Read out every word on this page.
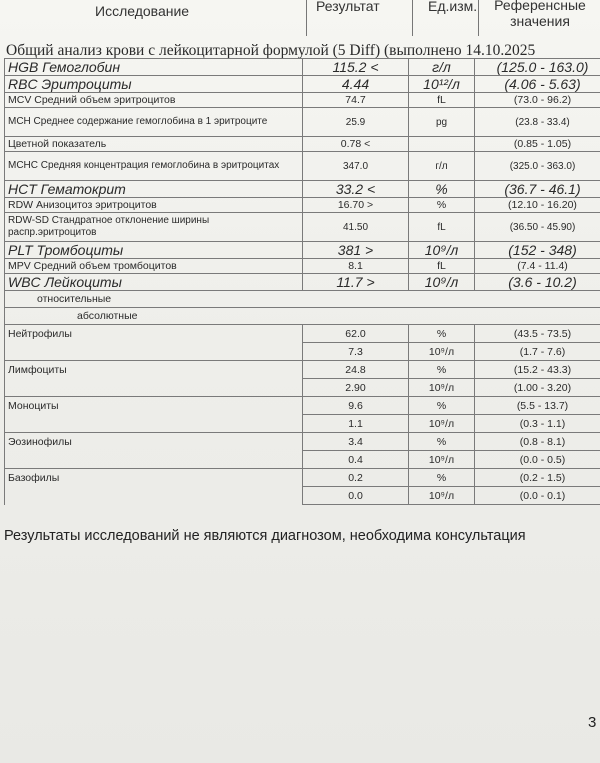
Исследование	Результат	Ед.изм.	Референсные значения
Общий анализ крови с лейкоцитарной формулой (5 Diff) (выполнено 14.10.2025
HGB Гемоглобин	115.2 <	г/л	(125.0 - 163.0)
RBC Эритроциты	4.44	10¹²/л	(4.06 - 5.63)
MCV Средний объем эритроцитов	74.7	fL	(73.0 - 96.2)
MCH Среднее содержание гемоглобина в 1 эритроците	25.9	pg	(23.8 - 33.4)
Цветной показатель	0.78 <		(0.85 - 1.05)
MCHC Средняя концентрация гемоглобина в эритроцитах	347.0	г/л	(325.0 - 363.0)
HCT Гематокрит	33.2 <	%	(36.7 - 46.1)
RDW Анизоцитоз эритроцитов	16.70 >	%	(12.10 - 16.20)
RDW-SD Стандратное отклонение ширины распр.эритроцитов	41.50	fL	(36.50 - 45.90)
PLT Тромбоциты	381 >	10⁹/л	(152 - 348)
MPV Средний объем тромбоцитов	8.1	fL	(7.4 - 11.4)
WBC Лейкоциты	11.7 >	10⁹/л	(3.6 - 10.2)
относительные			
абсолютные			
Нейтрофилы	62.0	%	(43.5 - 73.5)
	7.3	10⁹/л	(1.7 - 7.6)
Лимфоциты	24.8	%	(15.2 - 43.3)
	2.90	10⁹/л	(1.00 - 3.20)
Моноциты	9.6	%	(5.5 - 13.7)
	1.1	10⁹/л	(0.3 - 1.1)
Эозинофилы	3.4	%	(0.8 - 8.1)
	0.4	10⁹/л	(0.0 - 0.5)
Базофилы	0.2	%	(0.2 - 1.5)
	0.0	10⁹/л	(0.0 - 0.1)
Результаты исследований не являются диагнозом, необходима консультация
3
